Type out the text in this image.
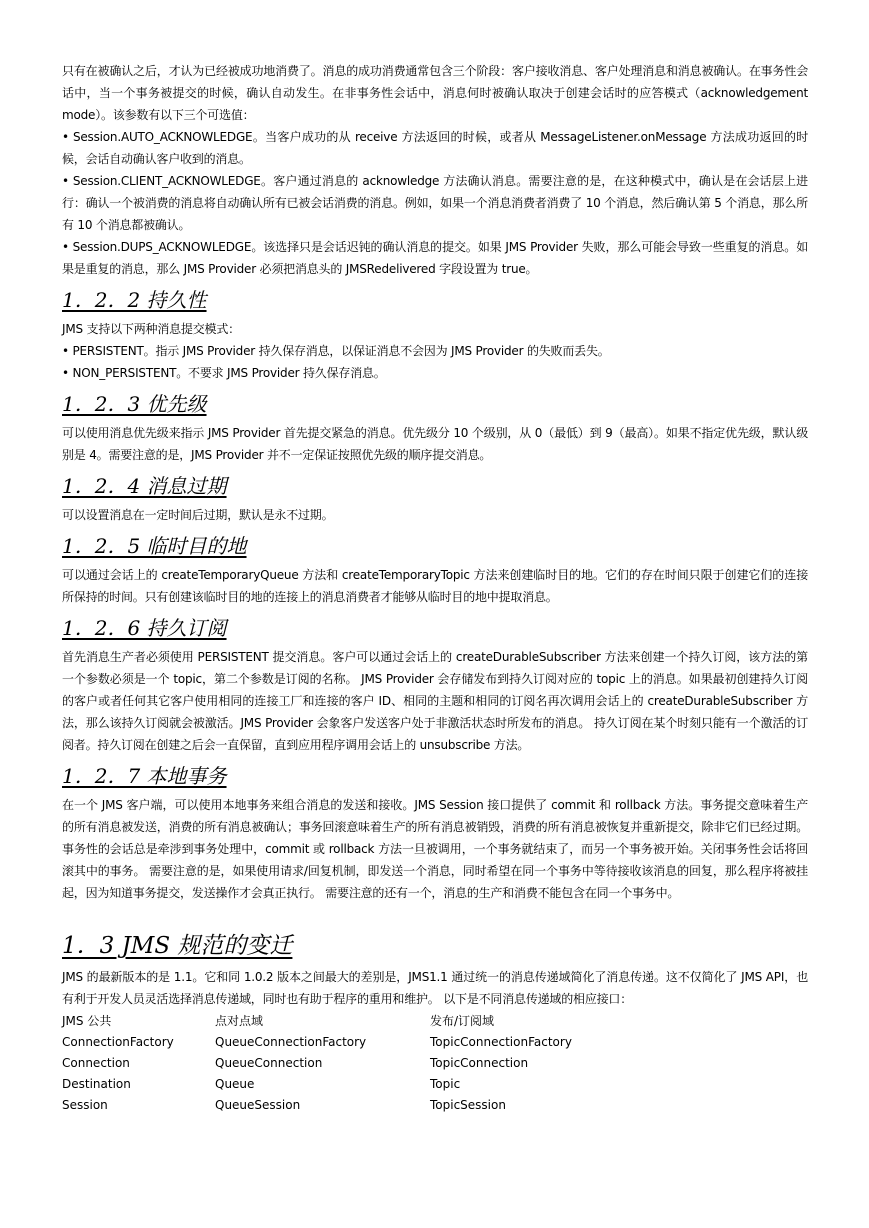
只有在被确认之后，才认为已经被成功地消费了。消息的成功消费通常包含三个阶段：客户接收消息、客户处理消息和消息被确认。在事务性会话中，当一个事务被提交的时候，确认自动发生。在非事务性会话中，消息何时被确认取决于创建会话时的应答模式（acknowledgement mode）。该参数有以下三个可选值：

• Session.AUTO_ACKNOWLEDGE。当客户成功的从 receive 方法返回的时候，或者从 MessageListener.onMessage 方法成功返回的时候，会话自动确认客户收到的消息。

• Session.CLIENT_ACKNOWLEDGE。客户通过消息的 acknowledge 方法确认消息。需要注意的是，在这种模式中，确认是在会话层上进行：确认一个被消费的消息将自动确认所有已被会话消费的消息。例如，如果一个消息消费者消费了 10 个消息，然后确认第 5 个消息，那么所有 10 个消息都被确认。

• Session.DUPS_ACKNOWLEDGE。该选择只是会话迟钝的确认消息的提交。如果 JMS Provider 失败，那么可能会导致一些重复的消息。如果是重复的消息，那么 JMS Provider 必须把消息头的 JMSRedelivered 字段设置为 true。

1．2．2 持久性

JMS 支持以下两种消息提交模式：

• PERSISTENT。指示 JMS Provider 持久保存消息，以保证消息不会因为 JMS Provider 的失败而丢失。

• NON_PERSISTENT。不要求 JMS Provider 持久保存消息。

1．2．3 优先级

可以使用消息优先级来指示 JMS Provider 首先提交紧急的消息。优先级分 10 个级别，从 0（最低）到 9（最高）。如果不指定优先级，默认级别是 4。需要注意的是，JMS Provider 并不一定保证按照优先级的顺序提交消息。

1．2．4 消息过期

可以设置消息在一定时间后过期，默认是永不过期。

1．2．5 临时目的地

可以通过会话上的 createTemporaryQueue 方法和 createTemporaryTopic 方法来创建临时目的地。它们的存在时间只限于创建它们的连接所保持的时间。只有创建该临时目的地的连接上的消息消费者才能够从临时目的地中提取消息。

1．2．6 持久订阅

首先消息生产者必须使用 PERSISTENT 提交消息。客户可以通过会话上的 createDurableSubscriber 方法来创建一个持久订阅，该方法的第一个参数必须是一个 topic，第二个参数是订阅的名称。 JMS Provider 会存储发布到持久订阅对应的 topic 上的消息。如果最初创建持久订阅的客户或者任何其它客户使用相同的连接工厂和连接的客户 ID、相同的主题和相同的订阅名再次调用会话上的 createDurableSubscriber 方法，那么该持久订阅就会被激活。JMS Provider 会象客户发送客户处于非激活状态时所发布的消息。 持久订阅在某个时刻只能有一个激活的订阅者。持久订阅在创建之后会一直保留，直到应用程序调用会话上的 unsubscribe 方法。

1．2．7 本地事务

在一个 JMS 客户端，可以使用本地事务来组合消息的发送和接收。JMS Session 接口提供了 commit 和 rollback 方法。事务提交意味着生产的所有消息被发送，消费的所有消息被确认；事务回滚意味着生产的所有消息被销毁，消费的所有消息被恢复并重新提交，除非它们已经过期。 事务性的会话总是牵涉到事务处理中，commit 或 rollback 方法一旦被调用，一个事务就结束了，而另一个事务被开始。关闭事务性会话将回滚其中的事务。 需要注意的是，如果使用请求/回复机制，即发送一个消息，同时希望在同一个事务中等待接收该消息的回复，那么程序将被挂起，因为知道事务提交，发送操作才会真正执行。 需要注意的还有一个，消息的生产和消费不能包含在同一个事务中。

1．3 JMS 规范的变迁

JMS 的最新版本的是 1.1。它和同 1.0.2 版本之间最大的差别是，JMS1.1 通过统一的消息传递域简化了消息传递。这不仅简化了 JMS API，也有利于开发人员灵活选择消息传递域，同时也有助于程序的重用和维护。 以下是不同消息传递域的相应接口：

JMS 公共	点对点域	发布/订阅域
ConnectionFactory	QueueConnectionFactory	TopicConnectionFactory
Connection	QueueConnection	TopicConnection
Destination	Queue	Topic
Session	QueueSession	TopicSession
